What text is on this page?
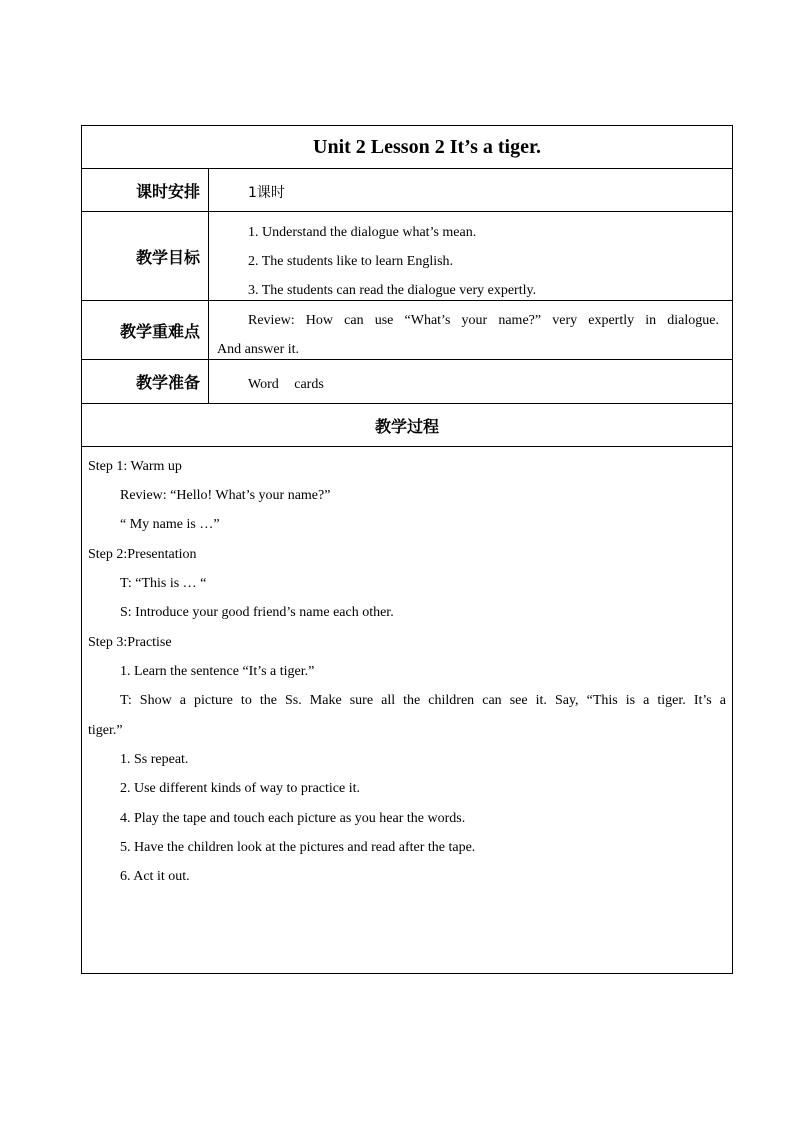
Unit 2 Lesson 2 It’s a tiger.
课时安排	1课时
教学目标
1. Understand the dialogue what’s mean.
2. The students like to learn English.
3. The students can read the dialogue very expertly.
教学重难点
Review: How can use “What’s your name?” very expertly in dialogue.
And answer it.
教学准备	Word cards
教学过程
Step 1: Warm up
Review: “Hello! What’s your name?”
“ My name is …”
Step 2:Presentation
T: “This is … “
S: Introduce your good friend’s name each other.
Step 3:Practise
1. Learn the sentence “It’s a tiger.”
T: Show a picture to the Ss. Make sure all the children can see it. Say, “This is a tiger. It’s a
tiger.”
1. Ss repeat.
2. Use different kinds of way to practice it.
4. Play the tape and touch each picture as you hear the words.
5. Have the children look at the pictures and read after the tape.
6. Act it out.
